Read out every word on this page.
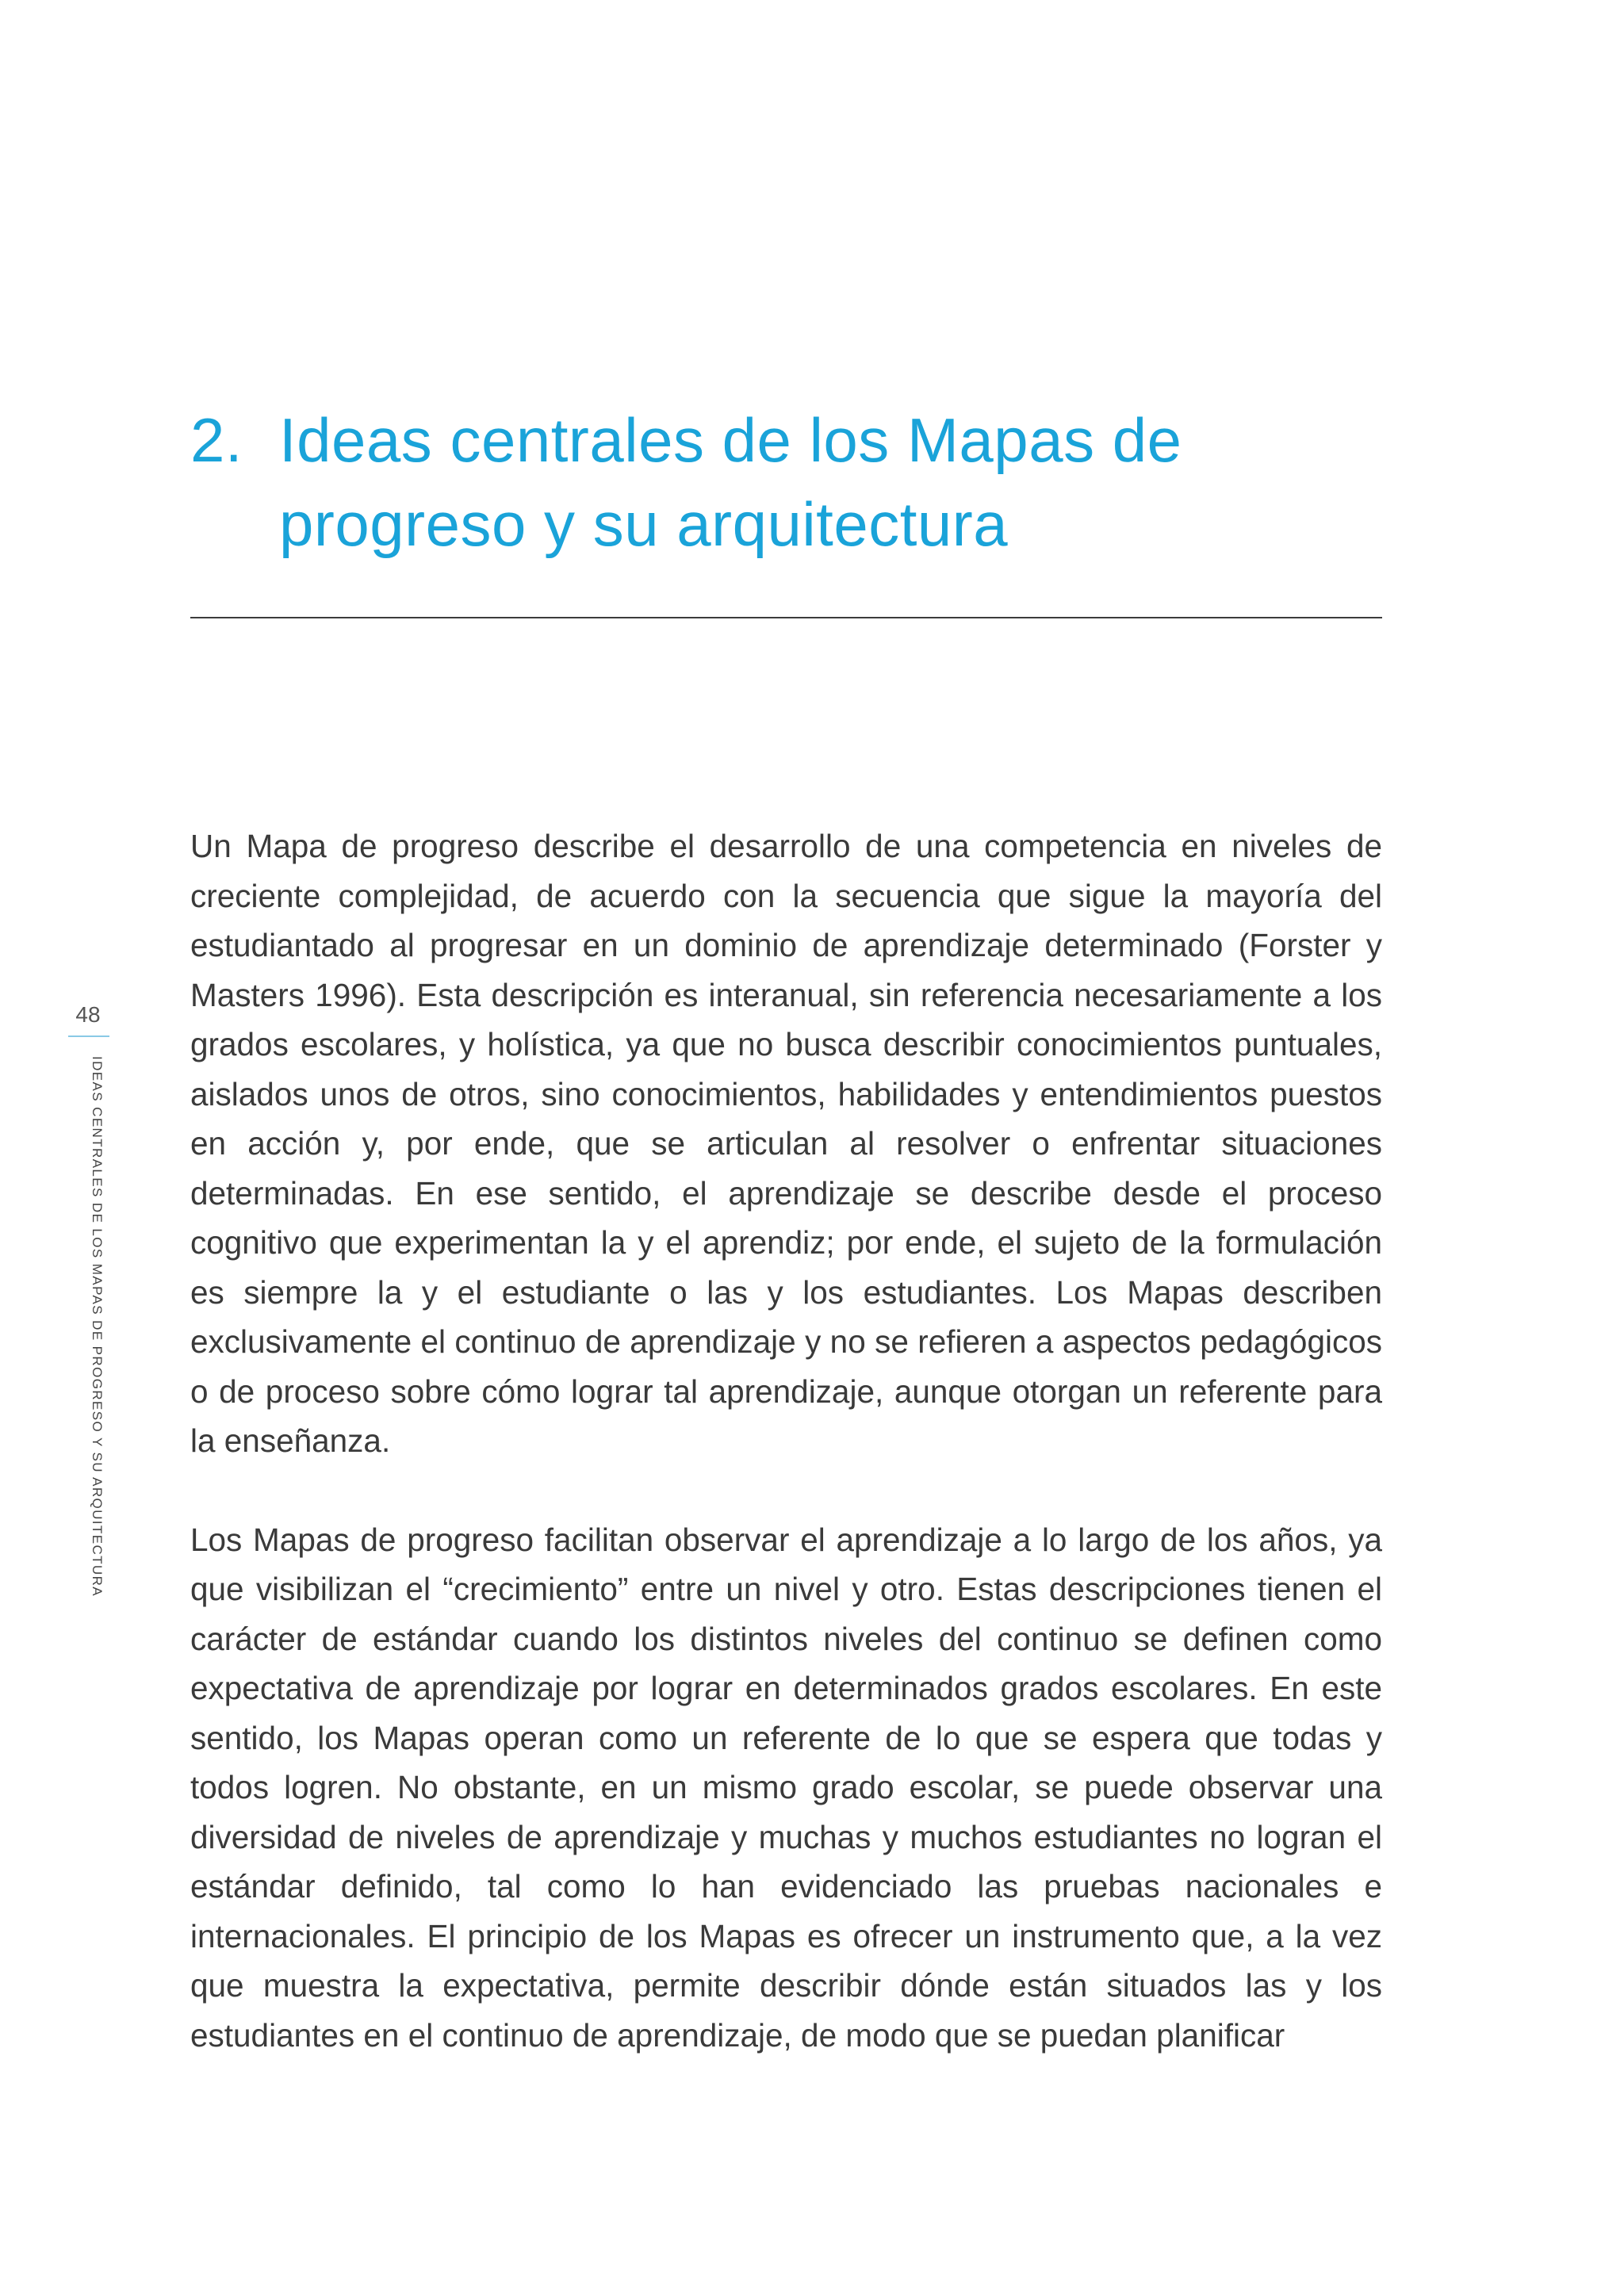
2. Ideas centrales de los Mapas de
progreso y su arquitectura
48
IDEAS CENTRALES DE LOS MAPAS DE PROGRESO Y SU ARQUITECTURA

Un Mapa de progreso describe el desarrollo de una competencia en niveles de creciente complejidad, de acuerdo con la secuencia que sigue la mayoría del estudiantado al progresar en un dominio de aprendizaje determinado (Forster y Masters 1996). Esta descripción es interanual, sin referencia necesariamente a los grados escolares, y holística, ya que no busca describir conocimientos puntuales, aislados unos de otros, sino conocimientos, habilidades y entendimientos puestos en acción y, por ende, que se articulan al resolver o enfrentar situaciones determinadas. En ese sentido, el aprendizaje se describe desde el proceso cognitivo que experimentan la y el aprendiz; por ende, el sujeto de la formulación es siempre la y el estudiante o las y los estudiantes. Los Mapas describen exclusivamente el continuo de aprendizaje y no se refieren a aspectos pedagógicos o de proceso sobre cómo lograr tal aprendizaje, aunque otorgan un referente para la enseñanza.

Los Mapas de progreso facilitan observar el aprendizaje a lo largo de los años, ya que visibilizan el “crecimiento” entre un nivel y otro. Estas descripciones tienen el carácter de estándar cuando los distintos niveles del continuo se definen como expectativa de aprendizaje por lograr en determinados grados escolares. En este sentido, los Mapas operan como un referente de lo que se espera que todas y todos logren. No obstante, en un mismo grado escolar, se puede observar una diversidad de niveles de aprendizaje y muchas y muchos estudiantes no logran el estándar definido, tal como lo han evidenciado las pruebas nacionales e internacionales. El principio de los Mapas es ofrecer un instrumento que, a la vez que muestra la expectativa, permite describir dónde están situados las y los estudiantes en el continuo de aprendizaje, de modo que se puedan planificar
